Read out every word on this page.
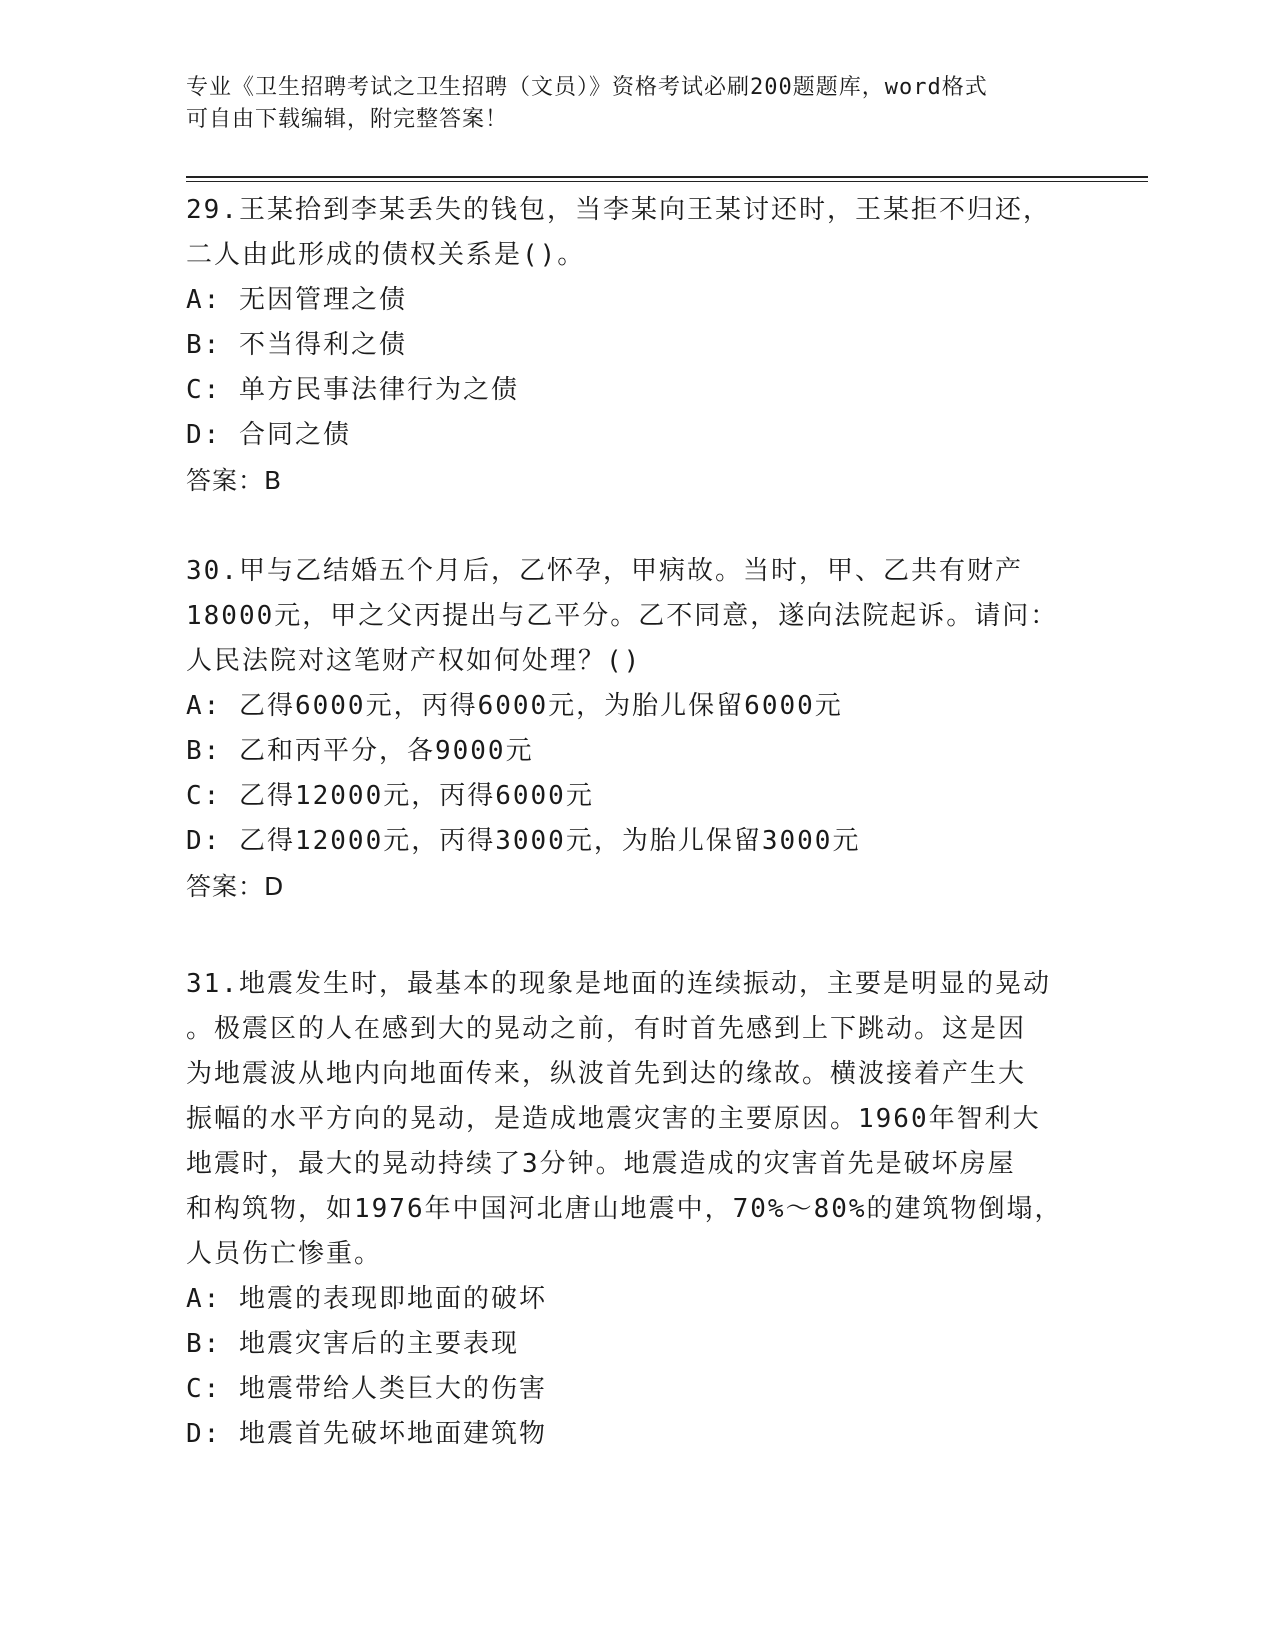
专业《卫生招聘考试之卫生招聘（文员）》资格考试必刷200题题库，word格式
可自由下载编辑，附完整答案！
29.王某拾到李某丢失的钱包，当李某向王某讨还时，王某拒不归还，
二人由此形成的债权关系是()。
A: 无因管理之债
B: 不当得利之债
C: 单方民事法律行为之债
D: 合同之债
答案：B
30.甲与乙结婚五个月后，乙怀孕，甲病故。当时，甲、乙共有财产
18000元，甲之父丙提出与乙平分。乙不同意，遂向法院起诉。请问：
人民法院对这笔财产权如何处理？()
A: 乙得6000元，丙得6000元，为胎儿保留6000元
B: 乙和丙平分，各9000元
C: 乙得12000元，丙得6000元
D: 乙得12000元，丙得3000元，为胎儿保留3000元
答案：D
31.地震发生时，最基本的现象是地面的连续振动，主要是明显的晃动
。极震区的人在感到大的晃动之前，有时首先感到上下跳动。这是因
为地震波从地内向地面传来，纵波首先到达的缘故。横波接着产生大
振幅的水平方向的晃动，是造成地震灾害的主要原因。1960年智利大
地震时，最大的晃动持续了3分钟。地震造成的灾害首先是破坏房屋
和构筑物，如1976年中国河北唐山地震中，70%～80%的建筑物倒塌，
人员伤亡惨重。
A: 地震的表现即地面的破坏
B: 地震灾害后的主要表现
C: 地震带给人类巨大的伤害
D: 地震首先破坏地面建筑物
